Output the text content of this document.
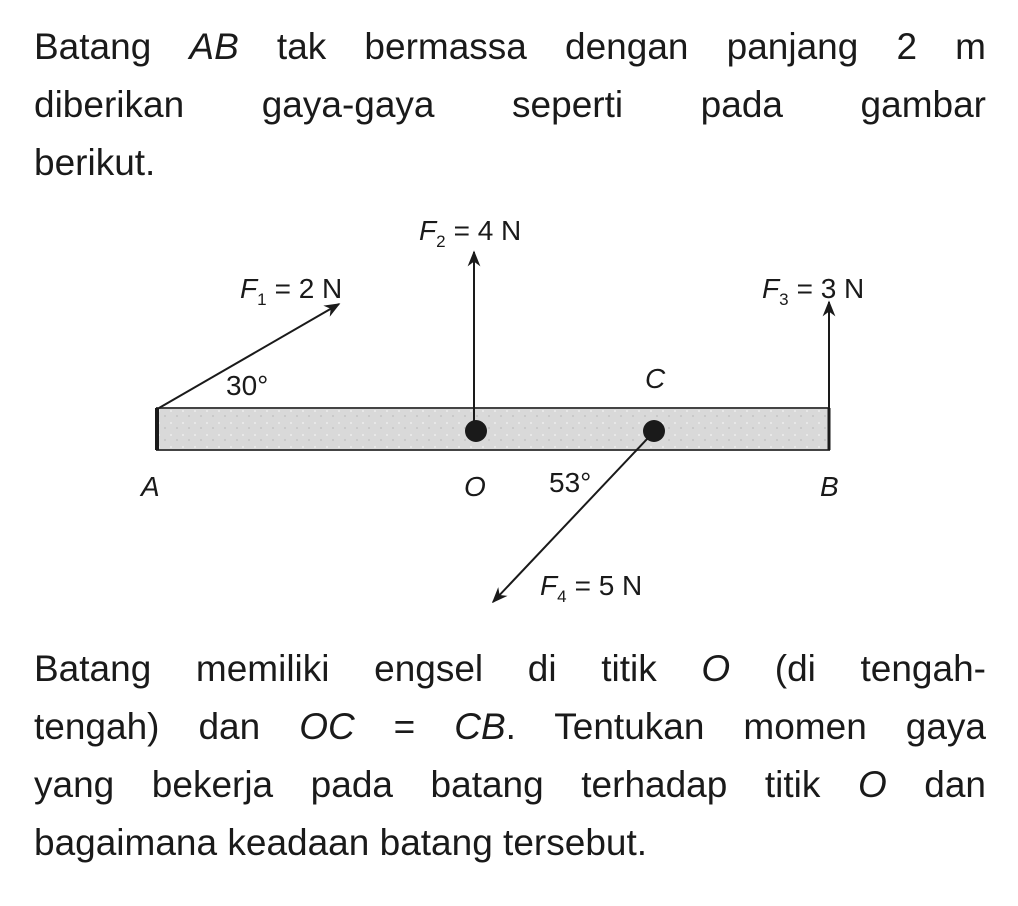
Batang AB tak bermassa dengan panjang 2 m

diberikan gaya-gaya seperti pada gambar

berikut.

$F_1 = 2$ N
$F_2 = 4$ N
$F_3 = 3$ N
$F_4 = 5$ N
30°
53°
C
A	O	B

Batang memiliki engsel di titik O (di tengah-

tengah) dan OC = CB. Tentukan momen gaya

yang bekerja pada batang terhadap titik O dan

bagaimana keadaan batang tersebut.
